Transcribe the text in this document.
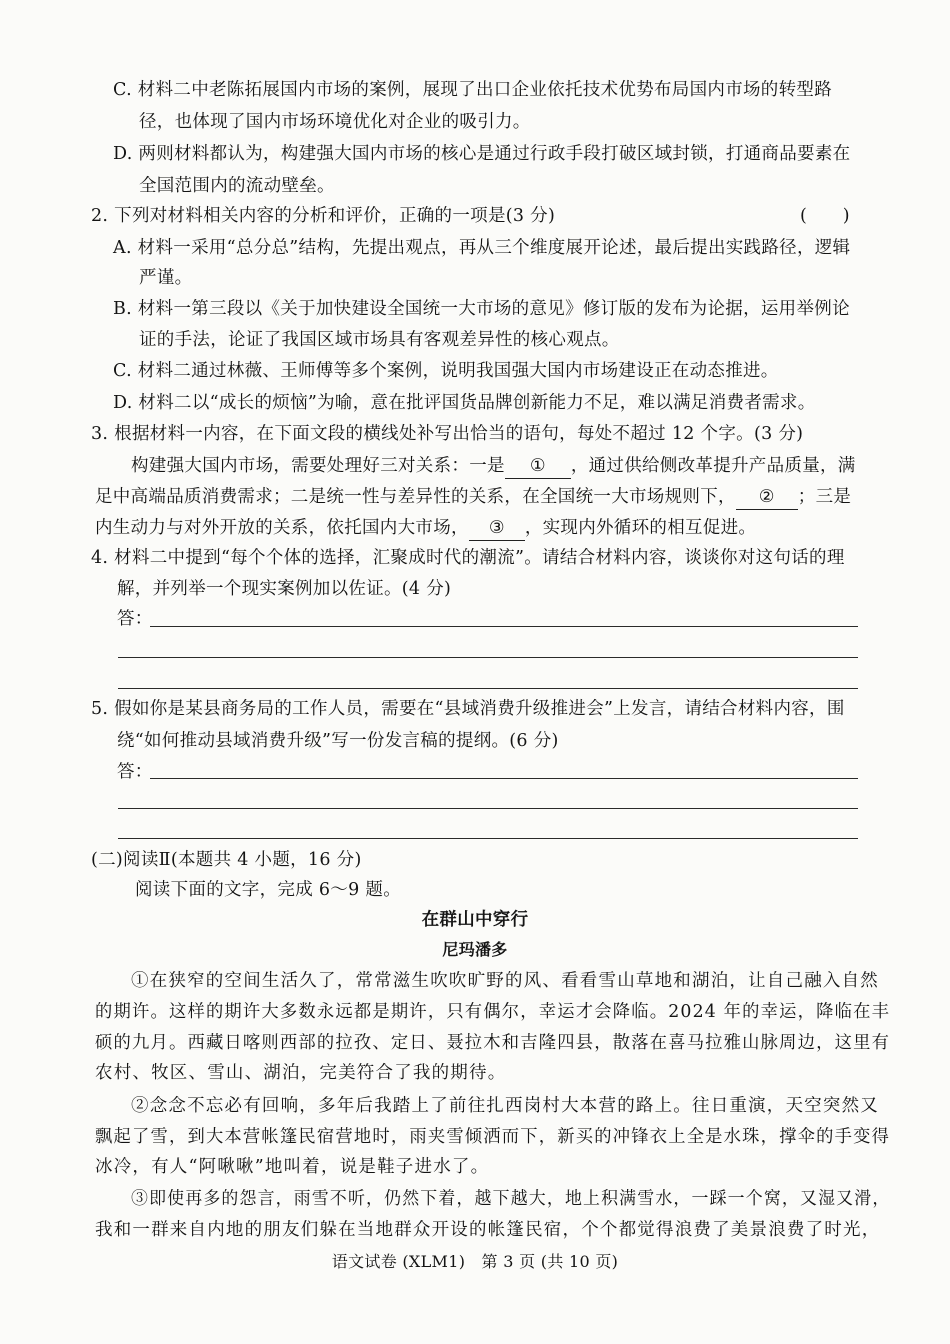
C. 材料二中老陈拓展国内市场的案例，展现了出口企业依托技术优势布局国内市场的转型路
径，也体现了国内市场环境优化对企业的吸引力。
D. 两则材料都认为，构建强大国内市场的核心是通过行政手段打破区域封锁，打通商品要素在
全国范围内的流动壁垒。
2. 下列对材料相关内容的分析和评价，正确的一项是(3 分)	(　　)
A. 材料一采用“总分总”结构，先提出观点，再从三个维度展开论述，最后提出实践路径，逻辑
严谨。
B. 材料一第三段以《关于加快建设全国统一大市场的意见》修订版的发布为论据，运用举例论
证的手法，论证了我国区域市场具有客观差异性的核心观点。
C. 材料二通过林薇、王师傅等多个案例，说明我国强大国内市场建设正在动态推进。
D. 材料二以“成长的烦恼”为喻，意在批评国货品牌创新能力不足，难以满足消费者需求。
3. 根据材料一内容，在下面文段的横线处补写出恰当的语句，每处不超过 12 个字。(3 分)
构建强大国内市场，需要处理好三对关系：一是 ① ，通过供给侧改革提升产品质量，满
足中高端品质消费需求；二是统一性与差异性的关系，在全国统一大市场规则下， ② ；三是
内生动力与对外开放的关系，依托国内大市场， ③ ，实现内外循环的相互促进。
4. 材料二中提到“每个个体的选择，汇聚成时代的潮流”。请结合材料内容，谈谈你对这句话的理
解，并列举一个现实案例加以佐证。(4 分)
答：
5. 假如你是某县商务局的工作人员，需要在“县域消费升级推进会”上发言，请结合材料内容，围
绕“如何推动县域消费升级”写一份发言稿的提纲。(6 分)
答：
(二)阅读Ⅱ(本题共 4 小题，16 分)
阅读下面的文字，完成 6～9 题。
在群山中穿行
尼玛潘多
①在狭窄的空间生活久了，常常滋生吹吹旷野的风、看看雪山草地和湖泊，让自己融入自然
的期许。这样的期许大多数永远都是期许，只有偶尔，幸运才会降临。2024 年的幸运，降临在丰
硕的九月。西藏日喀则西部的拉孜、定日、聂拉木和吉隆四县，散落在喜马拉雅山脉周边，这里有
农村、牧区、雪山、湖泊，完美符合了我的期待。
②念念不忘必有回响，多年后我踏上了前往扎西岗村大本营的路上。往日重演，天空突然又
飘起了雪，到大本营帐篷民宿营地时，雨夹雪倾洒而下，新买的冲锋衣上全是水珠，撑伞的手变得
冰冷，有人“阿啾啾”地叫着，说是鞋子进水了。
③即使再多的怨言，雨雪不听，仍然下着，越下越大，地上积满雪水，一踩一个窝，又湿又滑，
我和一群来自内地的朋友们躲在当地群众开设的帐篷民宿，个个都觉得浪费了美景浪费了时光，
语文试卷 (XLM1)　第 3 页 (共 10 页)
